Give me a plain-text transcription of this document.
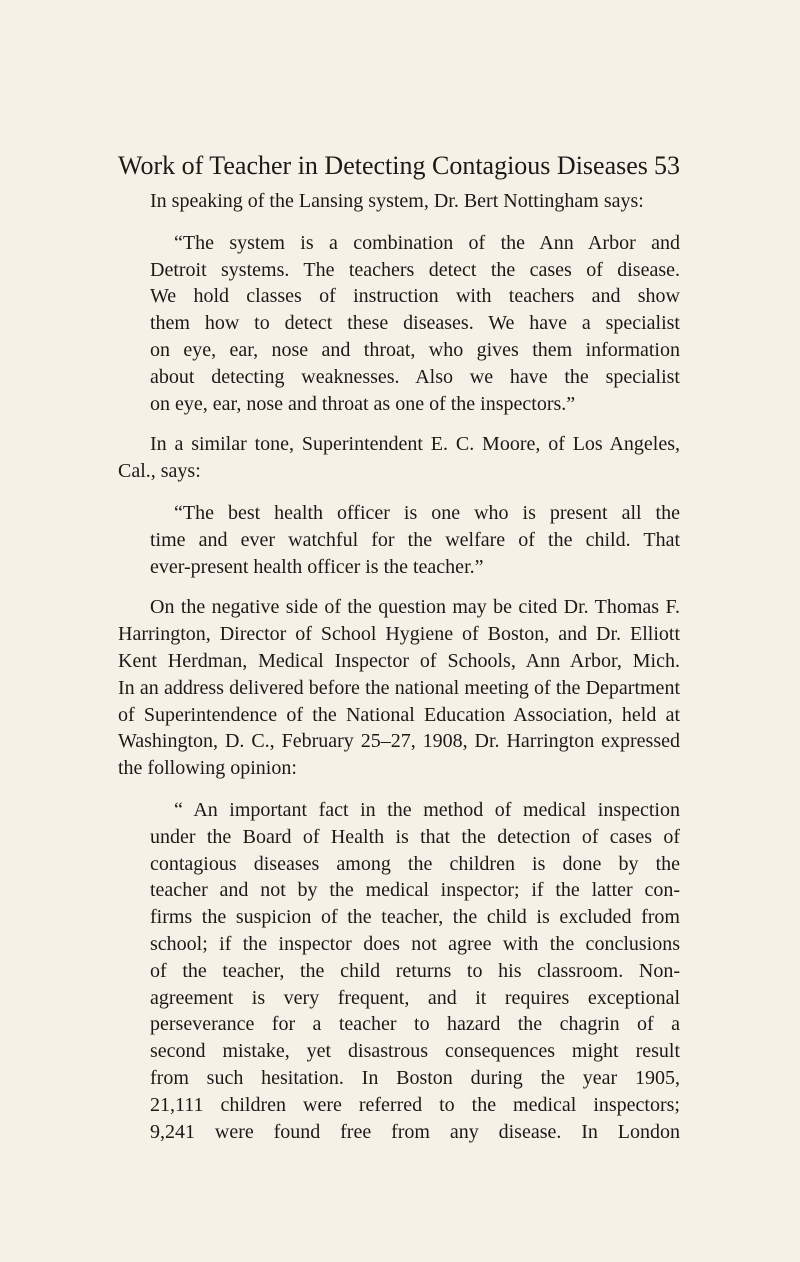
Work of Teacher in Detecting Contagious Diseases 53
In speaking of the Lansing system, Dr. Bert Nottingham says:
“The system is a combination of the Ann Arbor and
Detroit systems. The teachers detect the cases of disease.
We hold classes of instruction with teachers and show
them how to detect these diseases. We have a specialist
on eye, ear, nose and throat, who gives them information
about detecting weaknesses. Also we have the specialist
on eye, ear, nose and throat as one of the inspectors.”
In a similar tone, Superintendent E. C. Moore, of Los Angeles,
Cal., says:
“The best health officer is one who is present all the
time and ever watchful for the welfare of the child. That
ever-present health officer is the teacher.”
On the negative side of the question may be cited Dr. Thomas F.
Harrington, Director of School Hygiene of Boston, and Dr. Elliott
Kent Herdman, Medical Inspector of Schools, Ann Arbor, Mich.
In an address delivered before the national meeting of the Department
of Superintendence of the National Education Association, held at
Washington, D. C., February 25–27, 1908, Dr. Harrington expressed
the following opinion:
“ An important fact in the method of medical inspection
under the Board of Health is that the detection of cases of
contagious diseases among the children is done by the
teacher and not by the medical inspector; if the latter con-
firms the suspicion of the teacher, the child is excluded from
school; if the inspector does not agree with the conclusions
of the teacher, the child returns to his classroom. Non-
agreement is very frequent, and it requires exceptional
perseverance for a teacher to hazard the chagrin of a
second mistake, yet disastrous consequences might result
from such hesitation. In Boston during the year 1905,
21,111 children were referred to the medical inspectors;
9,241 were found free from any disease. In London
